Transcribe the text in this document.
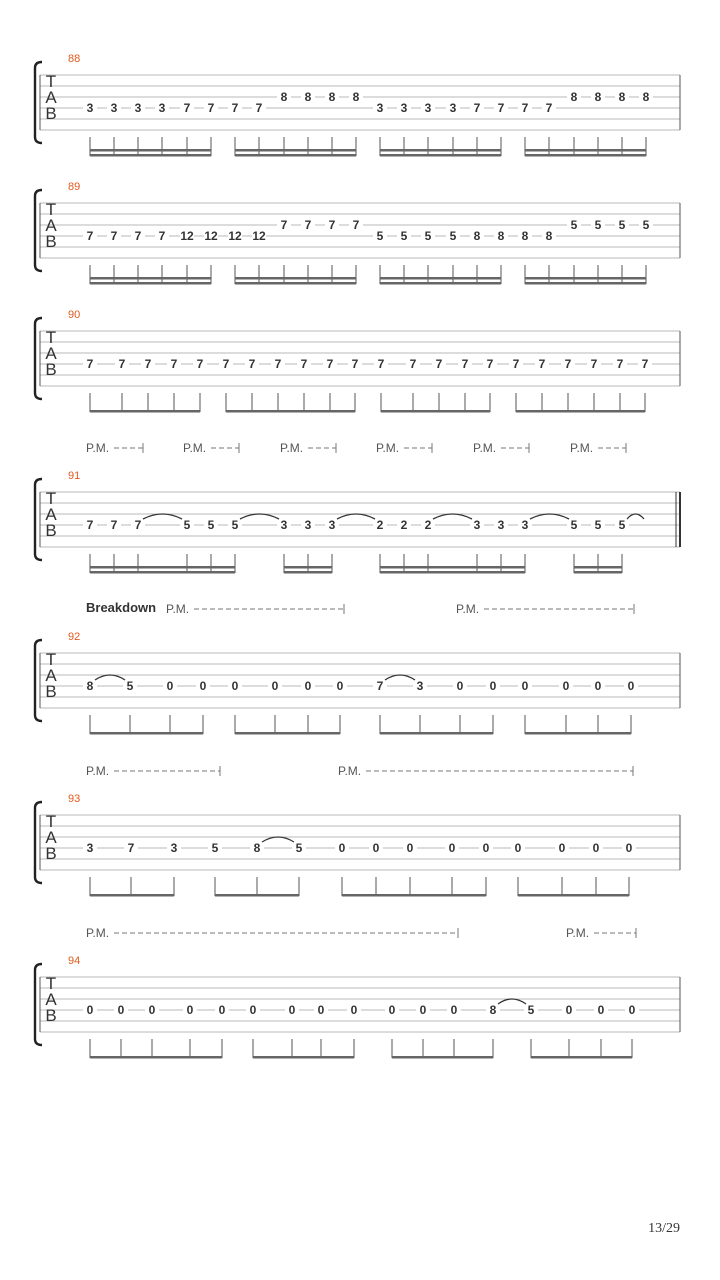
T
A
B
88
3 3 3 3 7 7 7 7
8 8 8 8
3 3 3 3 7 7 7 7
8 8 8 8
T
A
B
89
7 7 7 7 12 12 12 12
7 7 7 7
5 5 5 5 8 8 8 8
5 5 5 5
T
A
B
90
7 7 7 7 7 7 7 7 7 7 7 7 7 7 7 7 7 7 7 7 7 7
T
A
B
91
P.M.	P.M.	P.M.	P.M.	P.M.	P.M.
7 7 7	5 5 5	3 3 3	2 2 2	3 3 3	5 5 5
T
A
B
92
Breakdown P.M.	P.M.
8	5	0 0 0	0 0 0	7	3	0 0 0	0 0 0
T
A
B
93
P.M.	P.M.
3	7	3	5	8	5	0 0 0	0 0 0	0 0 0
T
A
B
94
P.M.	P.M.
0 0 0	0 0 0	0 0 0	0 0 0	8	5	0 0 0
13/29
